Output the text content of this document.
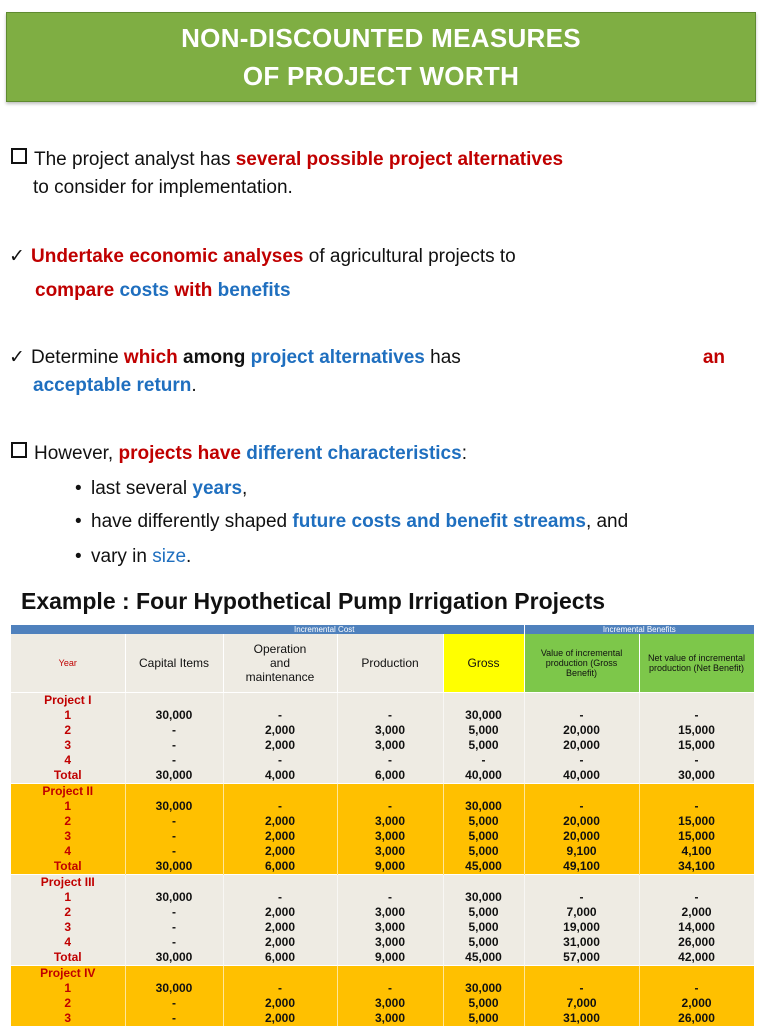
NON-DISCOUNTED MEASURES
OF PROJECT WORTH

The project analyst has several possible project alternatives
to consider for implementation.

✓ Undertake economic analyses of agricultural projects to

compare costs with benefits

✓ Determine which among project alternatives has	an

acceptable return.

However, projects have different characteristics:

• last several years,
• have differently shaped future costs and benefit streams, and
• vary in size.

Example : Four Hypothetical Pump Irrigation Projects

	Incremental Cost				Incremental Benefits	
Year	Capital Items	Operation and maintenance	Production	Gross	Value of incremental production (Gross Benefit)	Net value of incremental production (Net Benefit)
Project I						
1	30,000	-	-	30,000	-	-
2	-	2,000	3,000	5,000	20,000	15,000
3	-	2,000	3,000	5,000	20,000	15,000
4	-	-	-	-	-	-
Total	30,000	4,000	6,000	40,000	40,000	30,000
Project II						
1	30,000	-	-	30,000	-	-
2	-	2,000	3,000	5,000	20,000	15,000
3	-	2,000	3,000	5,000	20,000	15,000
4	-	2,000	3,000	5,000	9,100	4,100
Total	30,000	6,000	9,000	45,000	49,100	34,100
Project III						
1	30,000	-	-	30,000	-	-
2	-	2,000	3,000	5,000	7,000	2,000
3	-	2,000	3,000	5,000	19,000	14,000
4	-	2,000	3,000	5,000	31,000	26,000
Total	30,000	6,000	9,000	45,000	57,000	42,000
Project IV						
1	30,000	-	-	30,000	-	-
2	-	2,000	3,000	5,000	7,000	2,000
3	-	2,000	3,000	5,000	31,000	26,000
